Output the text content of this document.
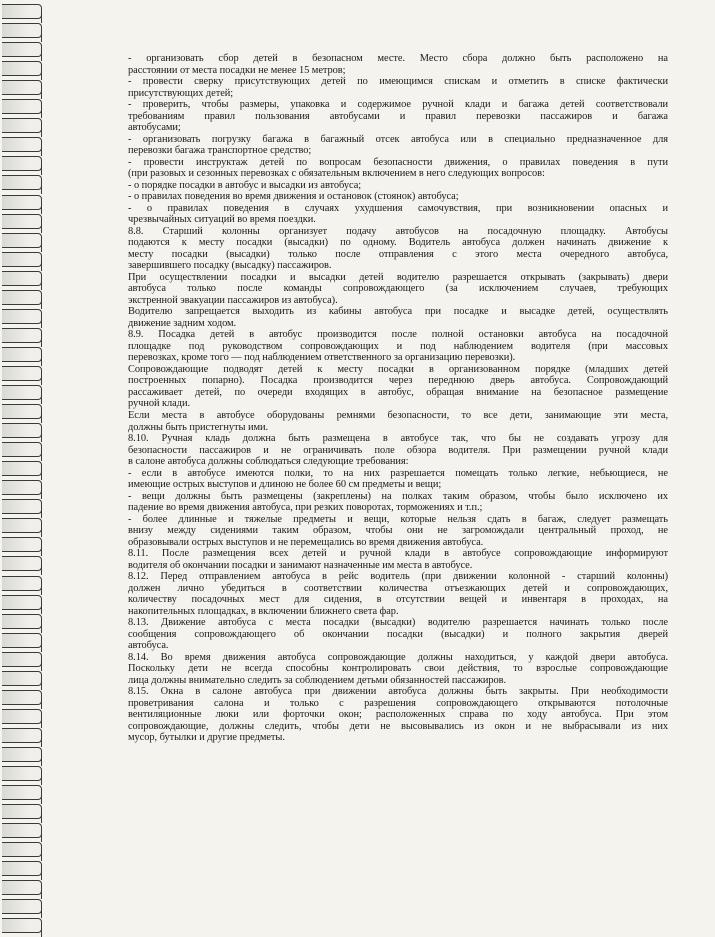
- организовать сбор детей в безопасном месте. Место сбора должно быть расположено на
расстоянии от места посадки не менее 15 метров;
- провести сверку присутствующих детей по имеющимся спискам и отметить в списке фактически
присутствующих детей;
- проверить, чтобы размеры, упаковка и содержимое ручной клади и багажа детей соответствовали
требованиям правил пользования автобусами и правил перевозки пассажиров и багажа
автобусами;
- организовать погрузку багажа в багажный отсек автобуса или в специально предназначенное для
перевозки багажа транспортное средство;
- провести инструктаж детей по вопросам безопасности движения, о правилах поведения в пути
(при разовых и сезонных перевозках с обязательным включением в него следующих вопросов:
- о порядке посадки в автобус и высадки из автобуса;
- о правилах поведения во время движения и остановок (стоянок) автобуса;
- о правилах поведения в случаях ухудшения самочувствия, при возникновении опасных и
чрезвычайных ситуаций во время поездки.
8.8. Старший колонны организует подачу автобусов на посадочную площадку. Автобусы
подаются к месту посадки (высадки) по одному. Водитель автобуса должен начинать движение к
месту посадки (высадки) только после отправления с этого места очередного автобуса,
завершившего посадку (высадку) пассажиров.
При осуществлении посадки и высадки детей водителю разрешается открывать (закрывать) двери
автобуса только после команды сопровождающего (за исключением случаев, требующих
экстренной эвакуации пассажиров из автобуса).
Водителю запрещается выходить из кабины автобуса при посадке и высадке детей, осуществлять
движение задним ходом.
8.9. Посадка детей в автобус производится после полной остановки автобуса на посадочной
площадке под руководством сопровождающих и под наблюдением водителя (при массовых
перевозках, кроме того — под наблюдением ответственного за организацию перевозки).
Сопровождающие подводят детей к месту посадки в организованном порядке (младших детей
построенных попарно). Посадка производится через переднюю дверь автобуса. Сопровождающий
рассаживает детей, по очереди входящих в автобус, обращая внимание на безопасное размещение
ручной клади.
Если места в автобусе оборудованы ремнями безопасности, то все дети, занимающие эти места,
должны быть пристегнуты ими.
8.10. Ручная кладь должна быть размещена в автобусе так, что бы не создавать угрозу для
безопасности пассажиров и не ограничивать поле обзора водителя. При размещении ручной клади
в салоне автобуса должны соблюдаться следующие требования:
- если в автобусе имеются полки, то на них разрешается помещать только легкие, небьющиеся, не
имеющие острых выступов и длиною не более 60 см предметы и вещи;
- вещи должны быть размещены (закреплены) на полках таким образом, чтобы было исключено их
падение во время движения автобуса, при резких поворотах, торможениях и т.п.;
- более длинные и тяжелые предметы и вещи, которые нельзя сдать в багаж, следует размещать
внизу между сидениями таким образом, чтобы они не загромождали центральный проход, не
образовывали острых выступов и не перемещались во время движения автобуса.
8.11. После размещения всех детей и ручной клади в автобусе сопровождающие информируют
водителя об окончании посадки и занимают назначенные им места в автобусе.
8.12. Перед отправлением автобуса в рейс водитель (при движении колонной - старший колонны)
должен лично убедиться в соответствии количества отъезжающих детей и сопровождающих,
количеству посадочных мест для сидения, в отсутствии вещей и инвентаря в проходах, на
накопительных площадках, в включении ближнего света фар.
8.13. Движение автобуса с места посадки (высадки) водителю разрешается начинать только после
сообщения сопровождающего об окончании посадки (высадки) и полного закрытия дверей
автобуса.
8.14. Во время движения автобуса сопровождающие должны находиться, у каждой двери автобуса.
Поскольку дети не всегда способны контролировать свои действия, то взрослые сопровождающие
лица должны внимательно следить за соблюдением детьми обязанностей пассажиров.
8.15. Окна в салоне автобуса при движении автобуса должны быть закрыты. При необходимости
проветривания салона и только с разрешения сопровождающего открываются потолочные
вентиляционные люки или форточки окон; расположенных справа по ходу автобуса. При этом
сопровождающие, должны следить, чтобы дети не высовывались из окон и не выбрасывали из них
мусор, бутылки и другие предметы.
